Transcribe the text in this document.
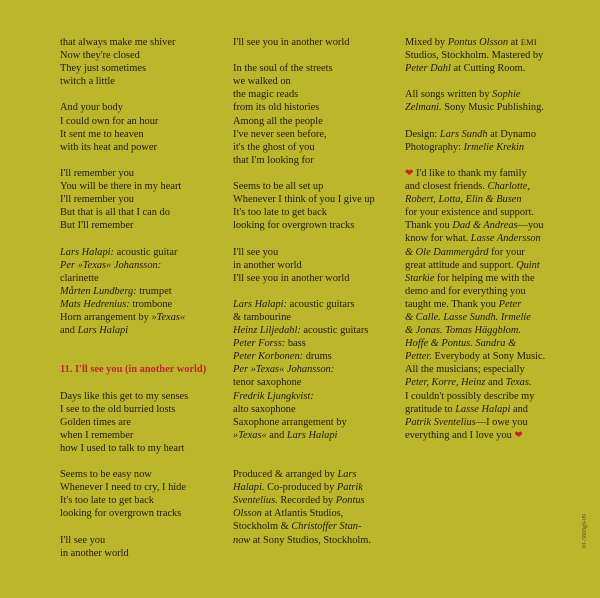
that always make me shiver
Now they're closed
They just sometimes
twitch a little
And your body
I could own for an hour
It sent me to heaven
with its heat and power
I'll remember you
You will be there in my heart
I'll remember you
But that is all that I can do
But I'll remember
Lars Halapi: acoustic guitar
Per »Texas« Johansson:
clarinette
Mårten Lundberg: trumpet
Mats Hedrenius: trombone
Horn arrangement by »Texas«
and Lars Halapi
11. I'll see you (in another world)
Days like this get to my senses
I see to the old burried losts
Golden times are
when I remember
how I used to talk to my heart
Seems to be easy now
Whenever I need to cry, I hide
It's too late to get back
looking for overgrown tracks
I'll see you
in another world
I'll see you in another world
In the soul of the streets
we walked on
the magic reads
from its old histories
Among all the people
I've never seen before,
it's the ghost of you
that I'm looking for
Seems to be all set up
Whenever I think of you I give up
It's too late to get back
looking for overgrown tracks
I'll see you
in another world
I'll see you in another world
Lars Halapi: acoustic guitars
& tambourine
Heinz Liljedahl: acoustic guitars
Peter Forss: bass
Peter Korbonen: drums
Per »Texas« Johansson:
tenor saxophone
Fredrik Ljungkvist:
alto saxophone
Saxophone arrangement by
»Texas« and Lars Halapi
Produced & arranged by Lars
Halapi. Co-produced by Patrik
Sventelius. Recorded by Pontus
Olsson at Atlantis Studios,
Stockholm & Christoffer Stan-
now at Sony Studios, Stockholm.
Mixed by Pontus Olsson at EMI
Studios, Stockholm. Mastered by
Peter Dahl at Cutting Room.
All songs written by Sophie
Zelmani. Sony Music Publishing.
Design: Lars Sundh at Dynamo
Photography: Irmelie Krekin
❤ I'd like to thank my family
and closest friends. Charlotte,
Robert, Lotta, Elin & Busen
for your existence and support.
Thank you Dad & Andreas—you
know for what. Lasse Andersson
& Ole Dammergård for your
great attitude and support. Quint
Starkie for helping me with the
demo and for everything you
taught me. Thank you Peter
& Calle. Lasse Sundh. Irmelie
& Jonas. Tomas Häggblom.
Hoffe & Pontus. Sandra &
Petter. Everybody at Sony Music.
All the musicians; especially
Peter, Korre, Heinz and Texas.
I couldn't possibly describe my
gratitude to Lasse Halapi and
Patrik Sventelius—I owe you
everything and I love you ❤
01-5869g9-09
